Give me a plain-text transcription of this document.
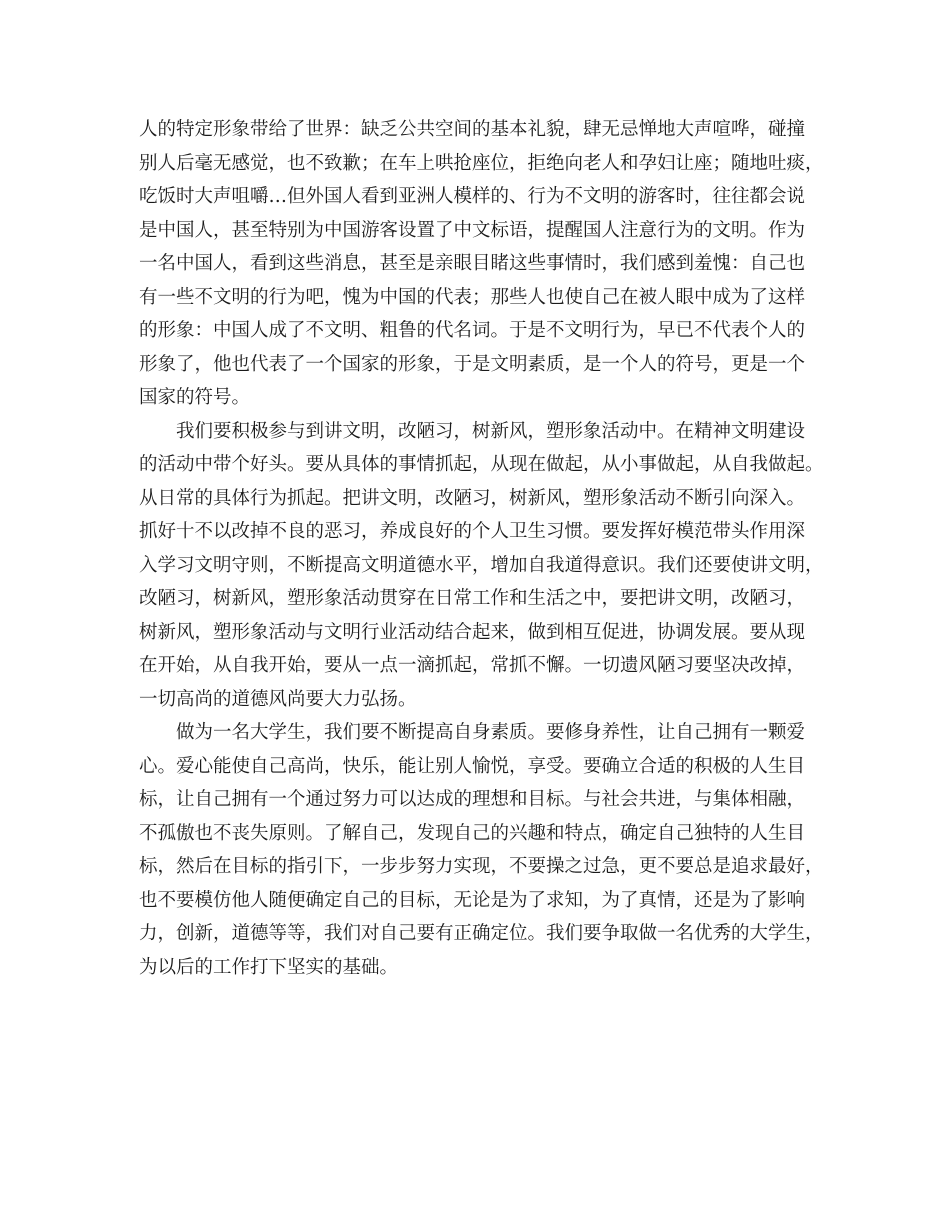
人的特定形象带给了世界：缺乏公共空间的基本礼貌，肆无忌惮地大声喧哗，碰撞
别人后毫无感觉，也不致歉；在车上哄抢座位，拒绝向老人和孕妇让座；随地吐痰，
吃饭时大声咀嚼…但外国人看到亚洲人模样的、行为不文明的游客时，往往都会说
是中国人，甚至特别为中国游客设置了中文标语，提醒国人注意行为的文明。作为
一名中国人，看到这些消息，甚至是亲眼目睹这些事情时，我们感到羞愧：自己也
有一些不文明的行为吧，愧为中国的代表；那些人也使自己在被人眼中成为了这样
的形象：中国人成了不文明、粗鲁的代名词。于是不文明行为，早已不代表个人的
形象了，他也代表了一个国家的形象，于是文明素质，是一个人的符号，更是一个
国家的符号。
　　我们要积极参与到讲文明，改陋习，树新风，塑形象活动中。在精神文明建设
的活动中带个好头。要从具体的事情抓起，从现在做起，从小事做起，从自我做起。
从日常的具体行为抓起。把讲文明，改陋习，树新风，塑形象活动不断引向深入。
抓好十不以改掉不良的恶习，养成良好的个人卫生习惯。要发挥好模范带头作用深
入学习文明守则，不断提高文明道德水平，增加自我道得意识。我们还要使讲文明，
改陋习，树新风，塑形象活动贯穿在日常工作和生活之中，要把讲文明，改陋习，
树新风，塑形象活动与文明行业活动结合起来，做到相互促进，协调发展。要从现
在开始，从自我开始，要从一点一滴抓起，常抓不懈。一切遗风陋习要坚决改掉，
一切高尚的道德风尚要大力弘扬。
　　做为一名大学生，我们要不断提高自身素质。要修身养性，让自己拥有一颗爱
心。爱心能使自己高尚，快乐，能让别人愉悦，享受。要确立合适的积极的人生目
标，让自己拥有一个通过努力可以达成的理想和目标。与社会共进，与集体相融，
不孤傲也不丧失原则。了解自己，发现自己的兴趣和特点，确定自己独特的人生目
标，然后在目标的指引下，一步步努力实现，不要操之过急，更不要总是追求最好，
也不要模仿他人随便确定自己的目标，无论是为了求知，为了真情，还是为了影响
力，创新，道德等等，我们对自己要有正确定位。我们要争取做一名优秀的大学生，
为以后的工作打下坚实的基础。
